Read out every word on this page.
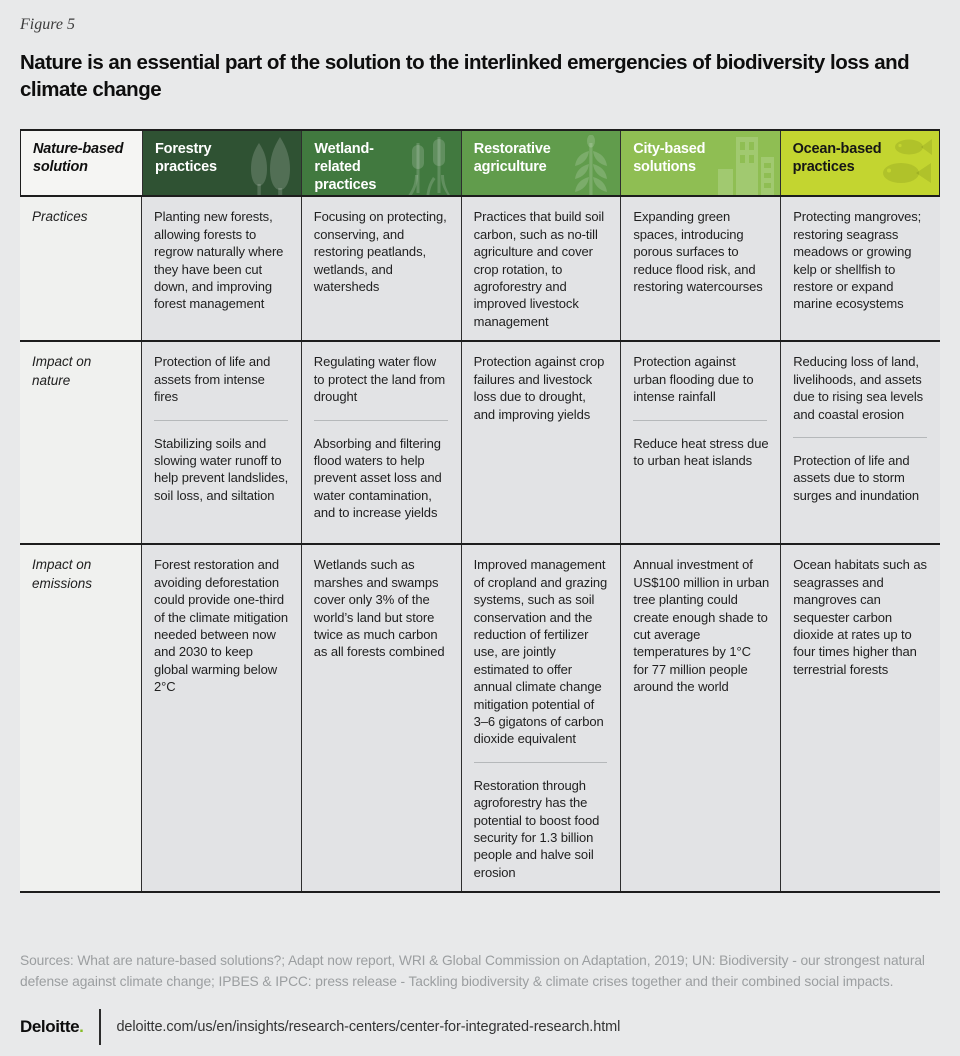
Figure 5
Nature is an essential part of the solution to the interlinked emergencies of biodiversity loss and climate change
Nature-based solution
Forestry practices
Wetland-related practices
Restorative agriculture
City-based solutions
Ocean-based practices

Practices	Planting new forests, allowing forests to regrow naturally where they have been cut down, and improving forest management

Focusing on protecting, conserving, and restoring peatlands, wetlands, and watersheds

Practices that build soil carbon, such as no-till agriculture and cover crop rotation, to agroforestry and improved livestock management

Expanding green spaces, introducing porous surfaces to reduce flood risk, and restoring watercourses

Protecting mangroves; restoring seagrass meadows or growing kelp or shellfish to restore or expand marine ecosystems

Impact on nature

Protection of life and assets from intense fires

Stabilizing soils and slowing water runoff to help prevent landslides, soil loss, and siltation

Regulating water flow to protect the land from drought

Absorbing and filtering flood waters to help prevent asset loss and water contamination, and to increase yields

Protection against crop failures and livestock loss due to drought, and improving yields

Protection against urban flooding due to intense rainfall

Reduce heat stress due to urban heat islands

Reducing loss of land, livelihoods, and assets due to rising sea levels and coastal erosion

Protection of life and assets due to storm surges and inundation

Impact on emissions

Forest restoration and avoiding deforestation could provide one-third of the climate mitigation needed between now and 2030 to keep global warming below 2°C

Wetlands such as marshes and swamps cover only 3% of the world’s land but store twice as much carbon as all forests combined

Improved management of cropland and grazing systems, such as soil conservation and the reduction of fertilizer use, are jointly estimated to offer annual climate change mitigation potential of 3–6 gigatons of carbon dioxide equivalent

Restoration through agroforestry has the potential to boost food security for 1.3 billion people and halve soil erosion

Annual investment of US$100 million in urban tree planting could create enough shade to cut average temperatures by 1°C for 77 million people around the world

Ocean habitats such as seagrasses and mangroves can sequester carbon dioxide at rates up to four times higher than terrestrial forests

Sources: What are nature-based solutions?; Adapt now report, WRI & Global Commission on Adaptation, 2019; UN: Biodiversity - our strongest natural defense against climate change; IPBES & IPCC: press release - Tackling biodiversity & climate crises together and their combined social impacts.

Deloitte. deloitte.com/us/en/insights/research-centers/center-for-integrated-research.html
